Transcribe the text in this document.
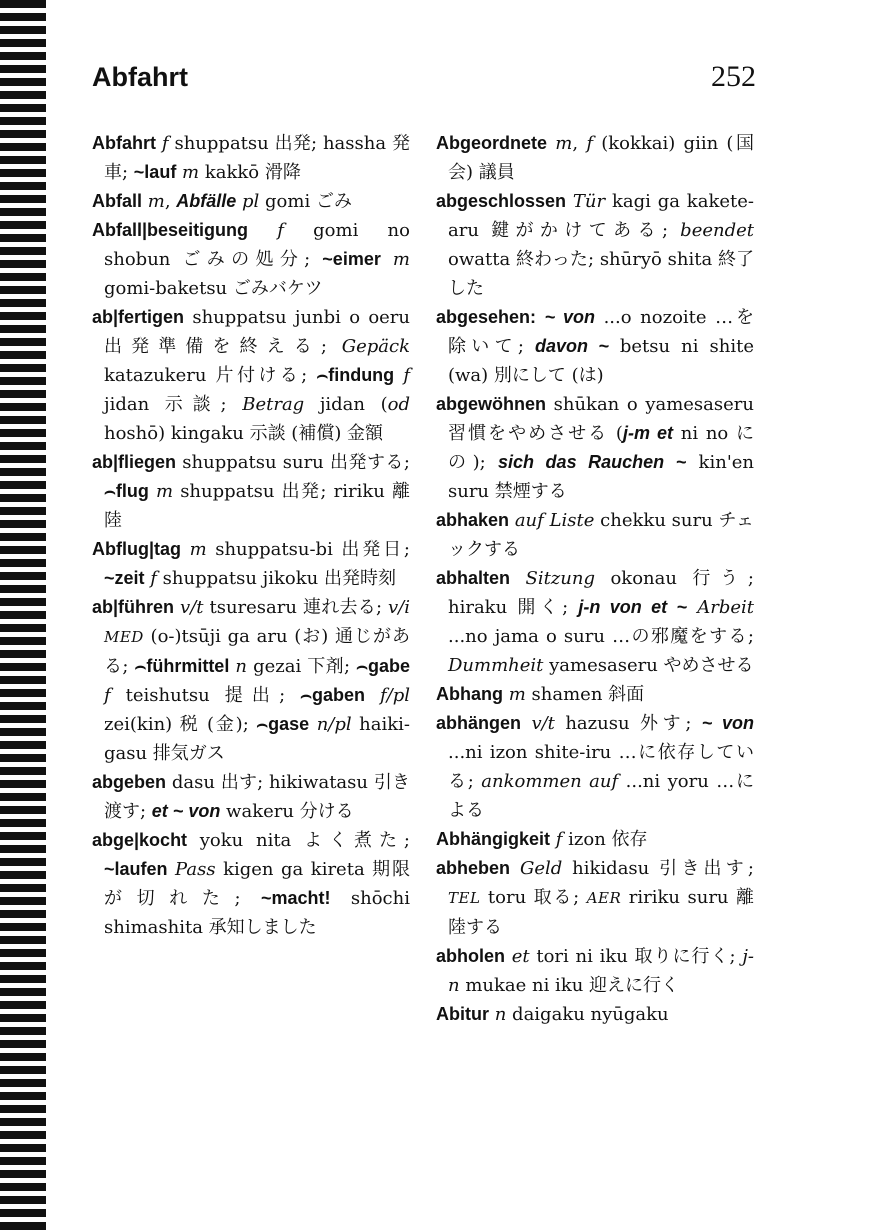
Abfahrt	252
Abfahrt f shuppatsu 出発; hassha 発車; ~lauf m kakkō 滑降
Abfall m, Abfälle pl gomi ごみ
Abfall|beseitigung f gomi no shobun ごみの処分; ~eimer m gomi-baketsu ごみバケツ
ab|fertigen shuppatsu junbi o oeru 出発準備を終える; Gepäck katazukeru 片付ける; ⌢findung f jidan 示談; Betrag jidan (od hoshō) kingaku 示談 (補償) 金額
ab|fliegen shuppatsu suru 出発する; ⌢flug m shuppatsu 出発; ririku 離陸
Abflug|tag m shuppatsu-bi 出発日; ~zeit f shuppatsu jikoku 出発時刻
ab|führen v/t tsuresaru 連れ去る; v/i MED (o-)tsūji ga aru (お) 通じがある; ⌢führmittel n gezai 下剤; ⌢gabe f teishutsu 提出; ⌢gaben f/pl zei(kin) 税 (金); ⌢gase n/pl haiki-gasu 排気ガス
abgeben dasu 出す; hikiwatasu 引き渡す; et ~ von wakeru 分ける
abge|kocht yoku nita よく煮た; ~laufen Pass kigen ga kireta 期限が切れた; ~macht! shōchi shimashita 承知しました
Abgeordnete m, f (kokkai) giin (国会) 議員
abgeschlossen Tür kagi ga kakete-aru 鍵がかけてある; beendet owatta 終わった; shūryō shita 終了した
abgesehen: ~ von ...o nozoite …を除いて; davon ~ betsu ni shite (wa) 別にして (は)
abgewöhnen shūkan o yamesaseru 習慣をやめさせる (j-m et ni no にの); sich das Rauchen ~ kin'en suru 禁煙する
abhaken auf Liste chekku suru チェックする
abhalten Sitzung okonau 行う; hiraku 開く; j-n von et ~ Arbeit ...no jama o suru …の邪魔をする; Dummheit yamesaseru やめさせる
Abhang m shamen 斜面
abhängen v/t hazusu 外す; ~ von ...ni izon shite-iru …に依存している; ankommen auf ...ni yoru …による
Abhängigkeit f izon 依存
abheben Geld hikidasu 引き出す; TEL toru 取る; AER ririku suru 離陸する
abholen et tori ni iku 取りに行く; j-n mukae ni iku 迎えに行く
Abitur n daigaku nyūgaku
